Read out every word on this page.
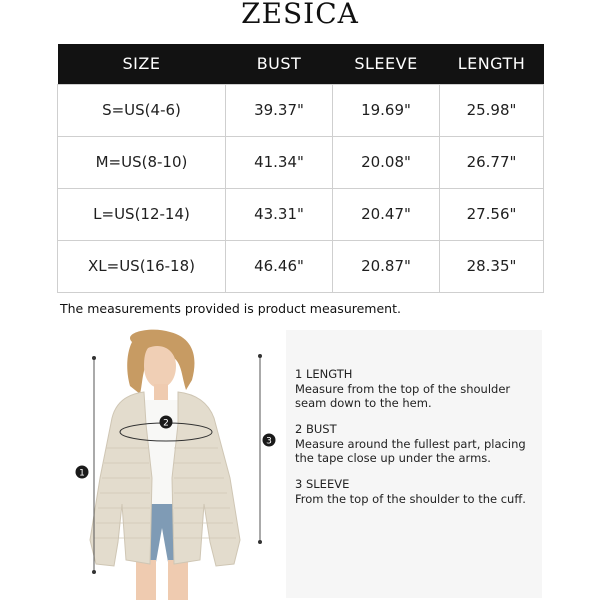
ZESICA
SIZE	BUST	SLEEVE	LENGTH
S=US(4-6)	39.37"	19.69"	25.98"
M=US(8-10)	41.34"	20.08"	26.77"
L=US(12-14)	43.31"	20.47"	27.56"
XL=US(16-18)	46.46"	20.87"	28.35"
The measurements provided is product measurement.
1
2
3
1 LENGTH
Measure from the top of the shoulder seam down to the hem.
2 BUST
Measure around the fullest part, placing the tape close up under the arms.
3 SLEEVE
From the top of the shoulder to the cuff.
